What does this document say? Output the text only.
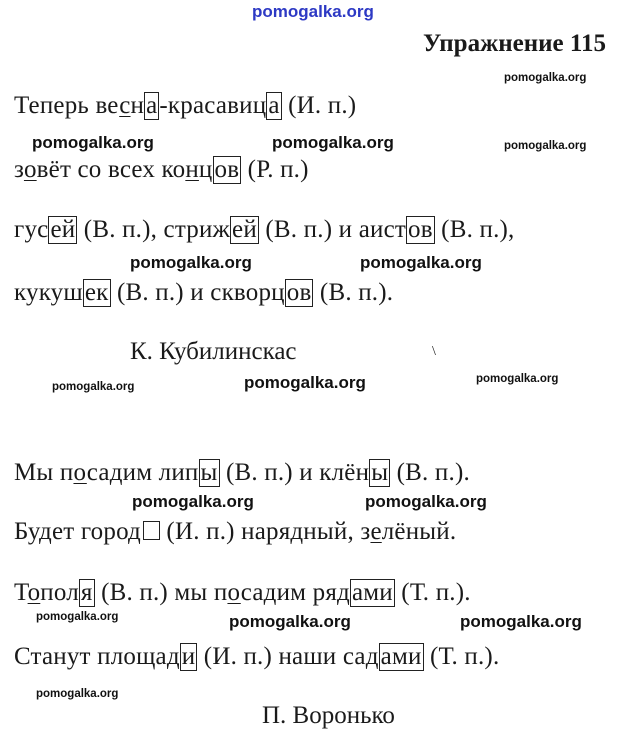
pomogalka.org
Упражнение 115
Теперь весна-красавица (И. п.)
зовёт со всех концов (Р. п.)
гусей (В. п.), стрижей (В. п.) и аистов (В. п.),
кукушек (В. п.) и скворцов (В. п.).
К. Кубилинскас	\
Мы посадим липы (В. п.) и клёны (В. п.).
Будет город (И. п.) нарядный, зелёный.
Тополя (В. п.) мы посадим рядами (Т. п.).
Станут площади (И. п.) наши садами (Т. п.).
П. Воронько
pomogalka.org
pomogalka.org	pomogalka.org	pomogalka.org
pomogalka.org	pomogalka.org
pomogalka.org	pomogalka.org	pomogalka.org
pomogalka.org	pomogalka.org
pomogalka.org	pomogalka.org	pomogalka.org
pomogalka.org
